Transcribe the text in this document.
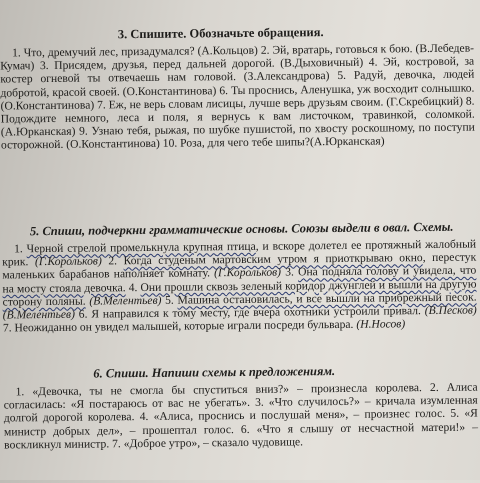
3. Спишите. Обозначьте обращения.
1. Что, дремучий лес, призадумался? (А.Кольцов) 2. Эй, вратарь, готовься к бою. (В.Лебедев-Кумач) 3. Присядем, друзья, перед дальней дорогой. (В.Дыховичный) 4. Эй, костровой, за костер огневой ты отвечаешь нам головой. (З.Александрова) 5. Радуй, девочка, людей добротой, красой своей. (О.Константинова) 6. Ты проснись, Аленушка, уж восходит солнышко. (О.Константинова) 7. Еж, не верь словам лисицы, лучше верь друзьям своим. (Г.Скребицкий) 8. Подождите немного, леса и поля, я вернусь к вам листочком, травинкой, соломкой. (А.Юрканская) 9. Узнаю тебя, рыжая, по шубке пушистой, по хвосту роскошному, по поступи осторожной. (О.Константинова) 10. Роза, для чего тебе шипы?(А.Юрканская)
5. Спиши, подчеркни грамматические основы. Союзы выдели в овал. Схемы.
1. Черной стрелой промелькнула крупная птица, и вскоре долетел ее протяжный жалобный крик. (Г.Корольков) 2. Когда студеным мартовским утром я приоткрываю окно, перестук маленьких барабанов наполняет комнату. (Г.Корольков) 3. Она подняла голову и увидела, что на мосту стояла девочка. 4. Они прошли сквозь зеленый коридор джунглей и вышли на другую сторону поляны. (В.Мелентьев) 5. Машина остановилась, и все вышли на прибрежный песок. (В.Мелентьев) 6. Я направился к тому месту, где вчера охотники устроили привал. (В.Песков) 7. Неожиданно он увидел малышей, которые играли посреди бульвара. (Н.Носов)
6. Спиши. Напиши схемы к предложениям.
1. «Девочка, ты не смогла бы спуститься вниз?» – произнесла королева. 2. Алиса согласилась: «Я постараюсь от вас не убегать». 3. «Что случилось?» – кричала изумленная долгой дорогой королева. 4. «Алиса, проснись и послушай меня», – произнес голос. 5. «Я министр добрых дел», – прошептал голос. 6. «Что я слышу от несчастной матери!» – воскликнул министр. 7. «Доброе утро», – сказало чудовище.
